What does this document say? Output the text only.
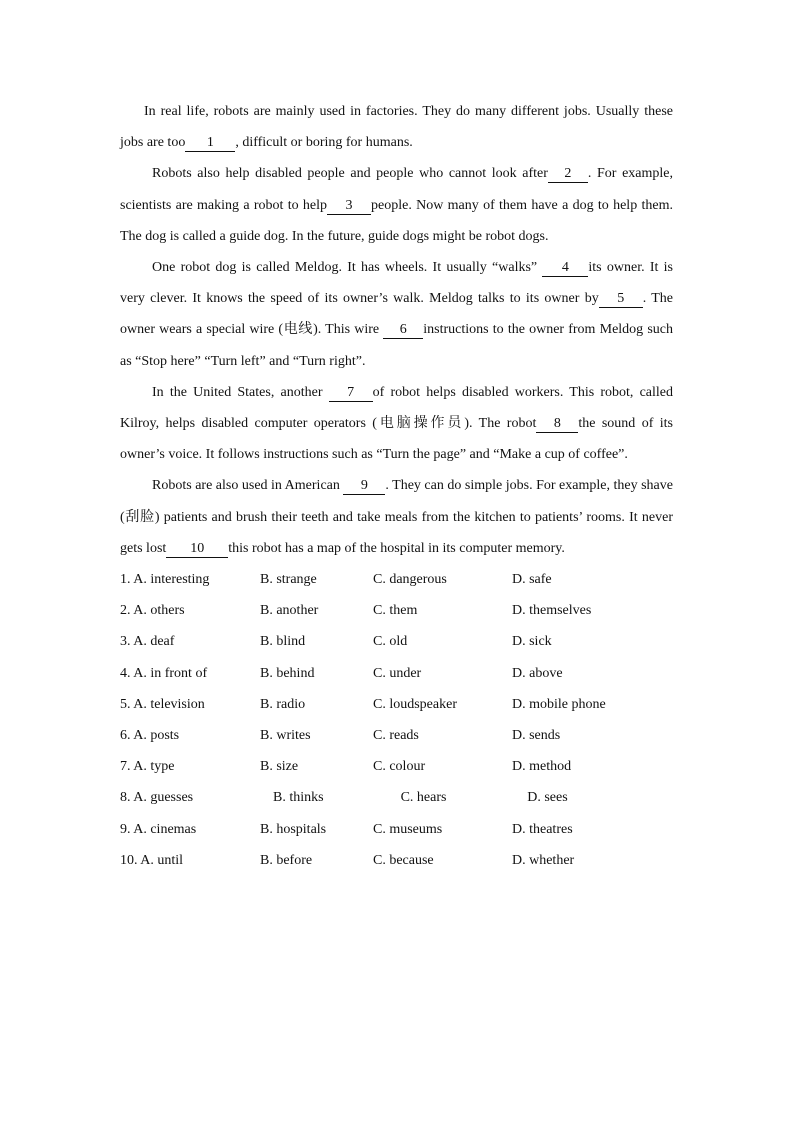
In real life, robots are mainly used in factories. They do many different jobs. Usually these jobs are too 1 , difficult or boring for humans.

Robots also help disabled people and people who cannot look after 2 . For example, scientists are making a robot to help 3 people. Now many of them have a dog to help them. The dog is called a guide dog. In the future, guide dogs might be robot dogs.

One robot dog is called Meldog. It has wheels. It usually “walks” 4 its owner. It is very clever. It knows the speed of its owner’s walk. Meldog talks to its owner by 5 . The owner wears a special wire (电线). This wire 6 instructions to the owner from Meldog such as “Stop here” “Turn left” and “Turn right”.

In the United States, another 7 of robot helps disabled workers. This robot, called Kilroy, helps disabled computer operators (电脑操作员). The robot 8 the sound of its owner’s voice. It follows instructions such as “Turn the page” and “Make a cup of coffee”.

Robots are also used in American 9 . They can do simple jobs. For example, they shave (刮脸) patients and brush their teeth and take meals from the kitchen to patients’ rooms. It never gets lost 10 this robot has a map of the hospital in its computer memory.

1. A. interesting	B. strange	C. dangerous	D. safe
2. A. others	B. another	C. them	D. themselves
3. A. deaf	B. blind	C. old	D. sick
4. A. in front of	B. behind	C. under	D. above
5. A. television	B. radio	C. loudspeaker	D. mobile phone
6. A. posts	B. writes	C. reads	D. sends
7. A. type	B. size	C. colour	D. method
8. A. guesses	B. thinks	C. hears	D. sees
9. A. cinemas	B. hospitals	C. museums	D. theatres
10. A. until	B. before	C. because	D. whether
